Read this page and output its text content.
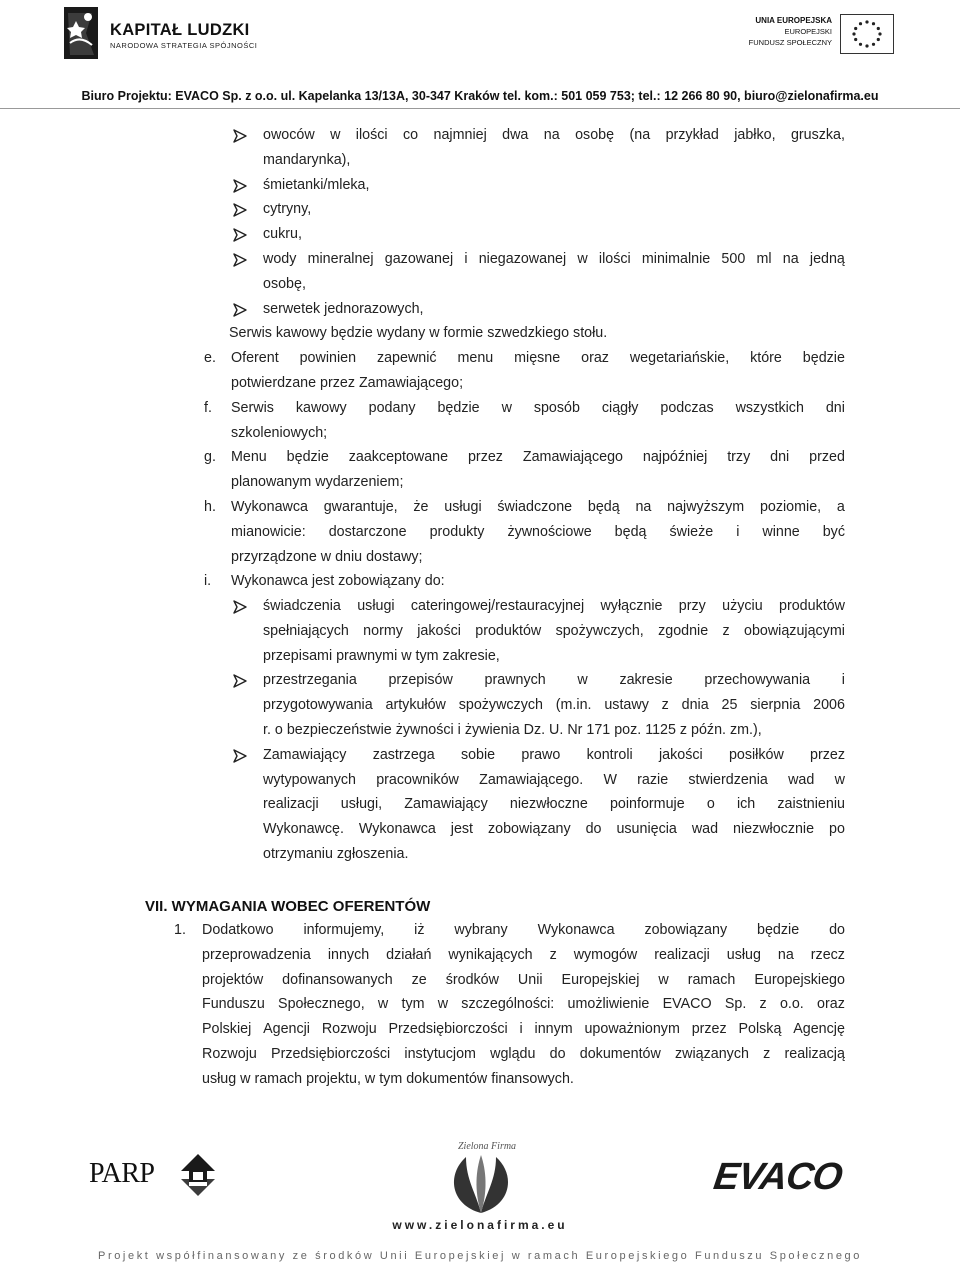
KAPITAŁ LUDZKI
NARODOWA STRATEGIA SPÓJNOŚCI
UNIA EUROPEJSKA
EUROPEJSKI
FUNDUSZ SPOŁECZNY
Biuro Projektu: EVACO Sp. z o.o. ul. Kapelanka 13/13A, 30-347 Kraków tel. kom.: 501 059 753; tel.: 12 266 80 90, biuro@zielonafirma.eu
owoców w ilości co najmniej dwa na osobę (na przykład jabłko, gruszka,
mandarynka),
śmietanki/mleka,
cytryny,
cukru,
wody mineralnej gazowanej i niegazowanej w ilości minimalnie 500 ml na jedną
osobę,
serwetek jednorazowych,
Serwis kawowy będzie wydany w formie szwedzkiego stołu.
e. Oferent powinien zapewnić menu mięsne oraz wegetariańskie, które będzie
potwierdzane przez Zamawiającego;
f. Serwis kawowy podany będzie w sposób ciągły podczas wszystkich dni
szkoleniowych;
g. Menu będzie zaakceptowane przez Zamawiającego najpóźniej trzy dni przed
planowanym wydarzeniem;
h. Wykonawca gwarantuje, że usługi świadczone będą na najwyższym poziomie, a
mianowicie: dostarczone produkty żywnościowe będą świeże i winne być
przyrządzone w dniu dostawy;
i. Wykonawca jest zobowiązany do:
świadczenia usługi cateringowej/restauracyjnej wyłącznie przy użyciu produktów
spełniających normy jakości produktów spożywczych, zgodnie z obowiązującymi
przepisami prawnymi w tym zakresie,
przestrzegania przepisów prawnych w zakresie przechowywania i
przygotowywania artykułów spożywczych (m.in. ustawy z dnia 25 sierpnia 2006
r. o bezpieczeństwie żywności i żywienia Dz. U. Nr 171 poz. 1125 z późn. zm.),
Zamawiający zastrzega sobie prawo kontroli jakości posiłków przez
wytypowanych pracowników Zamawiającego. W razie stwierdzenia wad w
realizacji usługi, Zamawiający niezwłoczne poinformuje o ich zaistnieniu
Wykonawcę. Wykonawca jest zobowiązany do usunięcia wad niezwłocznie po
otrzymaniu zgłoszenia.
1. Dodatkowo informujemy, iż wybrany Wykonawca zobowiązany będzie do
przeprowadzenia innych działań wynikających z wymogów realizacji usług na rzecz
projektów dofinansowanych ze środków Unii Europejskiej w ramach Europejskiego
Funduszu Społecznego, w tym w szczególności: umożliwienie EVACO Sp. z o.o. oraz
Polskiej Agencji Rozwoju Przedsiębiorczości i innym upoważnionym przez Polską Agencję
Rozwoju Przedsiębiorczości instytucjom wglądu do dokumentów związanych z realizacją
usług w ramach projektu, w tym dokumentów finansowych.
VII. WYMAGANIA WOBEC OFERENTÓW
PARP
Zielona Firma
www.zielonafirma.eu
EVACO
Projekt współfinansowany ze środków Unii Europejskiej w ramach Europejskiego Funduszu Społecznego
